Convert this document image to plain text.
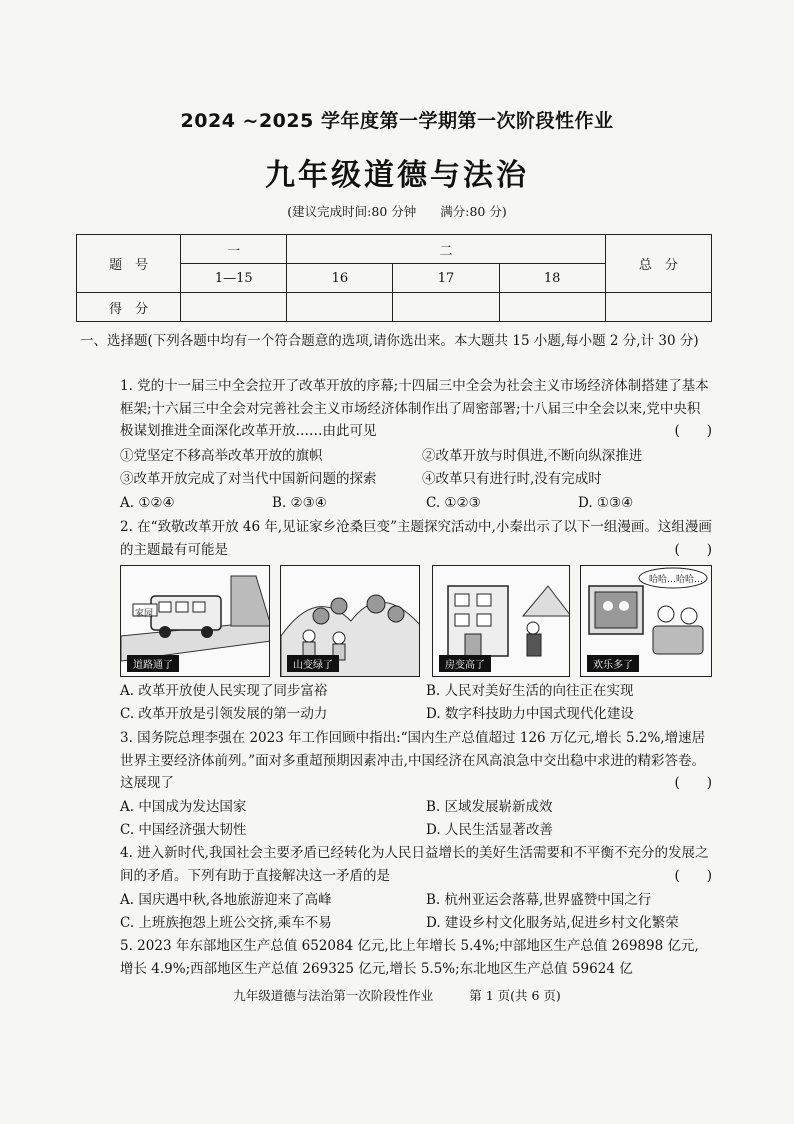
2024 ~2025 学年度第一学期第一次阶段性作业
九年级道德与法治
(建议完成时间:80 分钟 满分:80 分)
题　号	一	二			总　分
	1—15	16	17	18	
得　分					
一、选择题(下列各题中均有一个符合题意的选项,请你选出来。本大题共 15 小题,每小题 2 分,计 30 分)
1. 党的十一届三中全会拉开了改革开放的序幕;十四届三中全会为社会主义市场经济体制搭建了基本框架;十六届三中全会对完善社会主义市场经济体制作出了周密部署;十八届三中全会以来,党中央积极谋划推进全面深化改革开放……由此可见	(　　)
①党坚定不移高举改革开放的旗帜	②改革开放与时俱进,不断向纵深推进
③改革开放完成了对当代中国新问题的探索	④改革只有进行时,没有完成时
A. ①②④	B. ②③④	C. ①②③	D. ①③④
2. 在“致敬改革开放 46 年,见证家乡沧桑巨变”主题探究活动中,小秦出示了以下一组漫画。这组漫画的主题最有可能是	(　　)
家园
道路通了	山变绿了	房变高了
哈哈…哈哈…
欢乐多了
A. 改革开放使人民实现了同步富裕	B. 人民对美好生活的向往正在实现
C. 改革开放是引领发展的第一动力	D. 数字科技助力中国式现代化建设
3. 国务院总理李强在 2023 年工作回顾中指出:“国内生产总值超过 126 万亿元,增长 5.2%,增速居世界主要经济体前列。”面对多重超预期因素冲击,中国经济在风高浪急中交出稳中求进的精彩答卷。这展现了	(　　)
A. 中国成为发达国家	B. 区域发展崭新成效
C. 中国经济强大韧性	D. 人民生活显著改善
4. 进入新时代,我国社会主要矛盾已经转化为人民日益增长的美好生活需要和不平衡不充分的发展之间的矛盾。下列有助于直接解决这一矛盾的是	(　　)
A. 国庆遇中秋,各地旅游迎来了高峰	B. 杭州亚运会落幕,世界盛赞中国之行
C. 上班族抱怨上班公交挤,乘车不易	D. 建设乡村文化服务站,促进乡村文化繁荣
5. 2023 年东部地区生产总值 652084 亿元,比上年增长 5.4%;中部地区生产总值 269898 亿元,增长 4.9%;西部地区生产总值 269325 亿元,增长 5.5%;东北地区生产总值 59624 亿
九年级道德与法治第一次阶段性作业	第 1 页(共 6 页)
